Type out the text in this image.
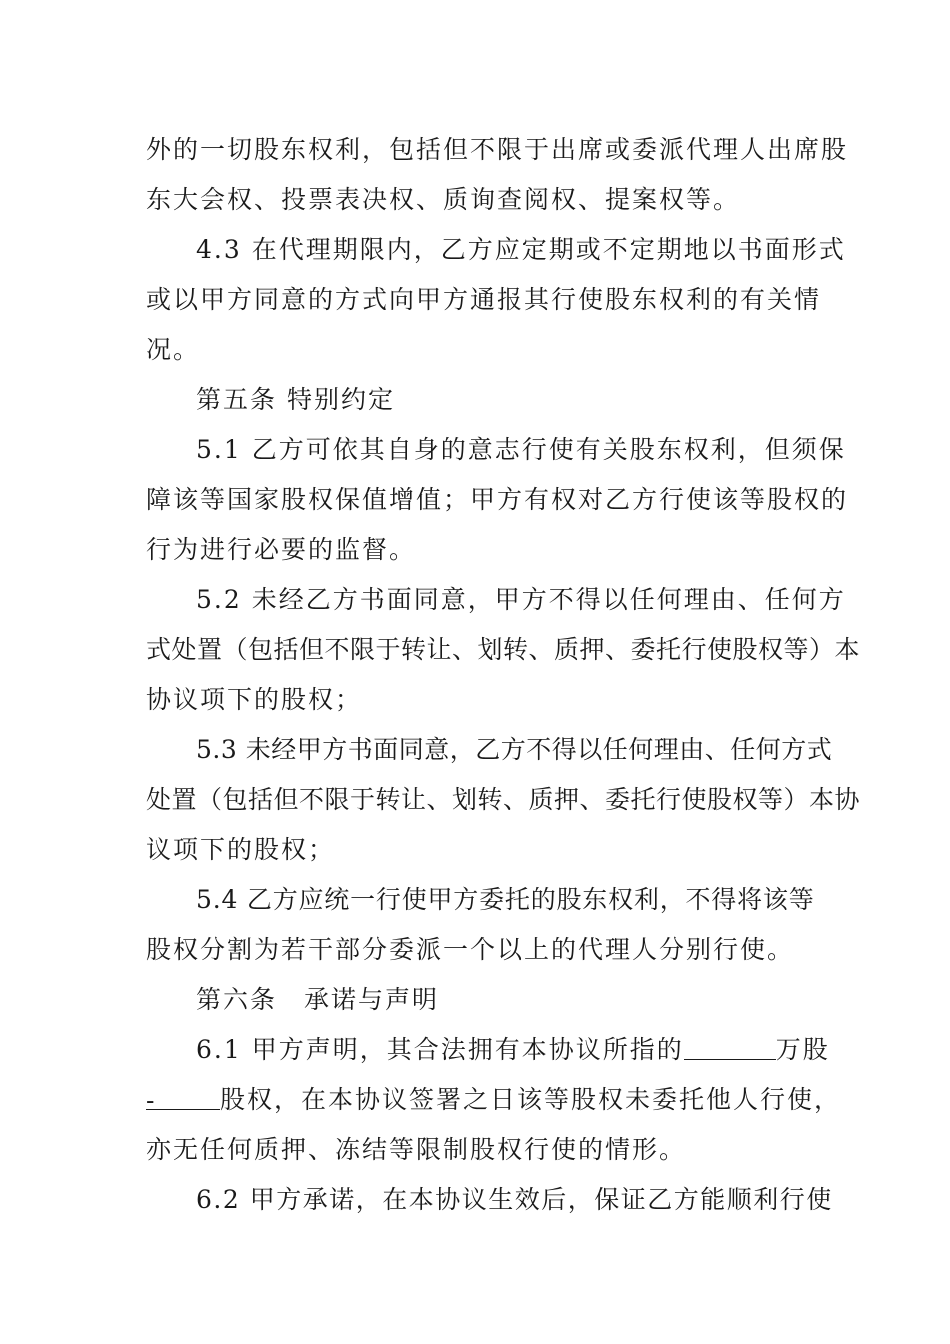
外的一切股东权利，包括但不限于出席或委派代理人出席股
东大会权、投票表决权、质询查阅权、提案权等。
4.3 在代理期限内，乙方应定期或不定期地以书面形式
或以甲方同意的方式向甲方通报其行使股东权利的有关情
况。
第五条 特别约定
5.1 乙方可依其自身的意志行使有关股东权利，但须保
障该等国家股权保值增值；甲方有权对乙方行使该等股权的
行为进行必要的监督。
5.2 未经乙方书面同意，甲方不得以任何理由、任何方
式处置（包括但不限于转让、划转、质押、委托行使股权等）本
协议项下的股权；
5.3 未经甲方书面同意，乙方不得以任何理由、任何方式
处置（包括但不限于转让、划转、质押、委托行使股权等）本协
议项下的股权；
5.4 乙方应统一行使甲方委托的股东权利，不得将该等
股权分割为若干部分委派一个以上的代理人分别行使。
第六条　承诺与声明
6.1 甲方声明，其合法拥有本协议所指的	万股
-	股权，在本协议签署之日该等股权未委托他人行使，
亦无任何质押、冻结等限制股权行使的情形。
6.2 甲方承诺，在本协议生效后，保证乙方能顺利行使
